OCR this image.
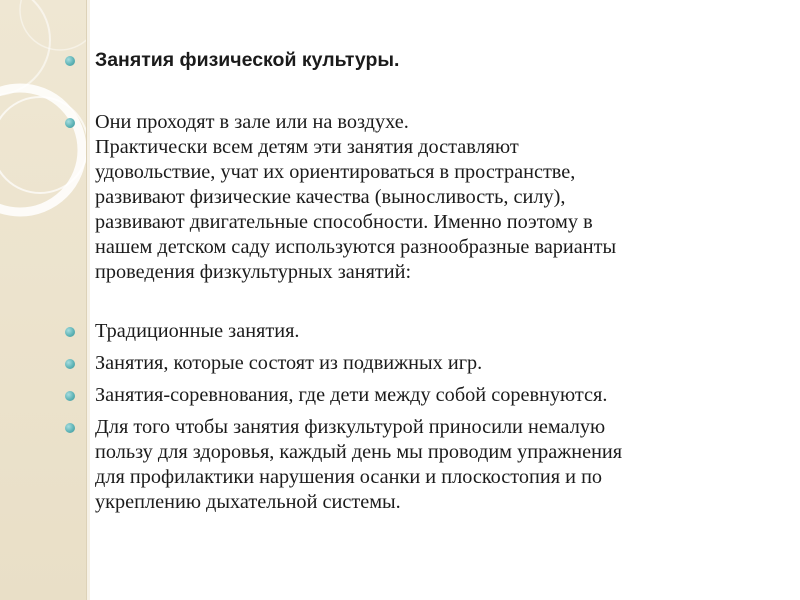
Занятия физической культуры.
Они проходят в зале или на воздухе.
Практически всем детям эти занятия доставляют
удовольствие, учат их ориентироваться в пространстве,
развивают физические качества (выносливость, силу),
развивают двигательные способности. Именно поэтому в
нашем детском саду используются разнообразные варианты
проведения физкультурных занятий:
Традиционные занятия.
Занятия, которые состоят из подвижных игр.
Занятия-соревнования, где дети между собой соревнуются.
Для того чтобы занятия физкультурой приносили немалую
пользу для здоровья, каждый день мы проводим упражнения
для профилактики нарушения осанки и плоскостопия и по
укреплению дыхательной системы.
